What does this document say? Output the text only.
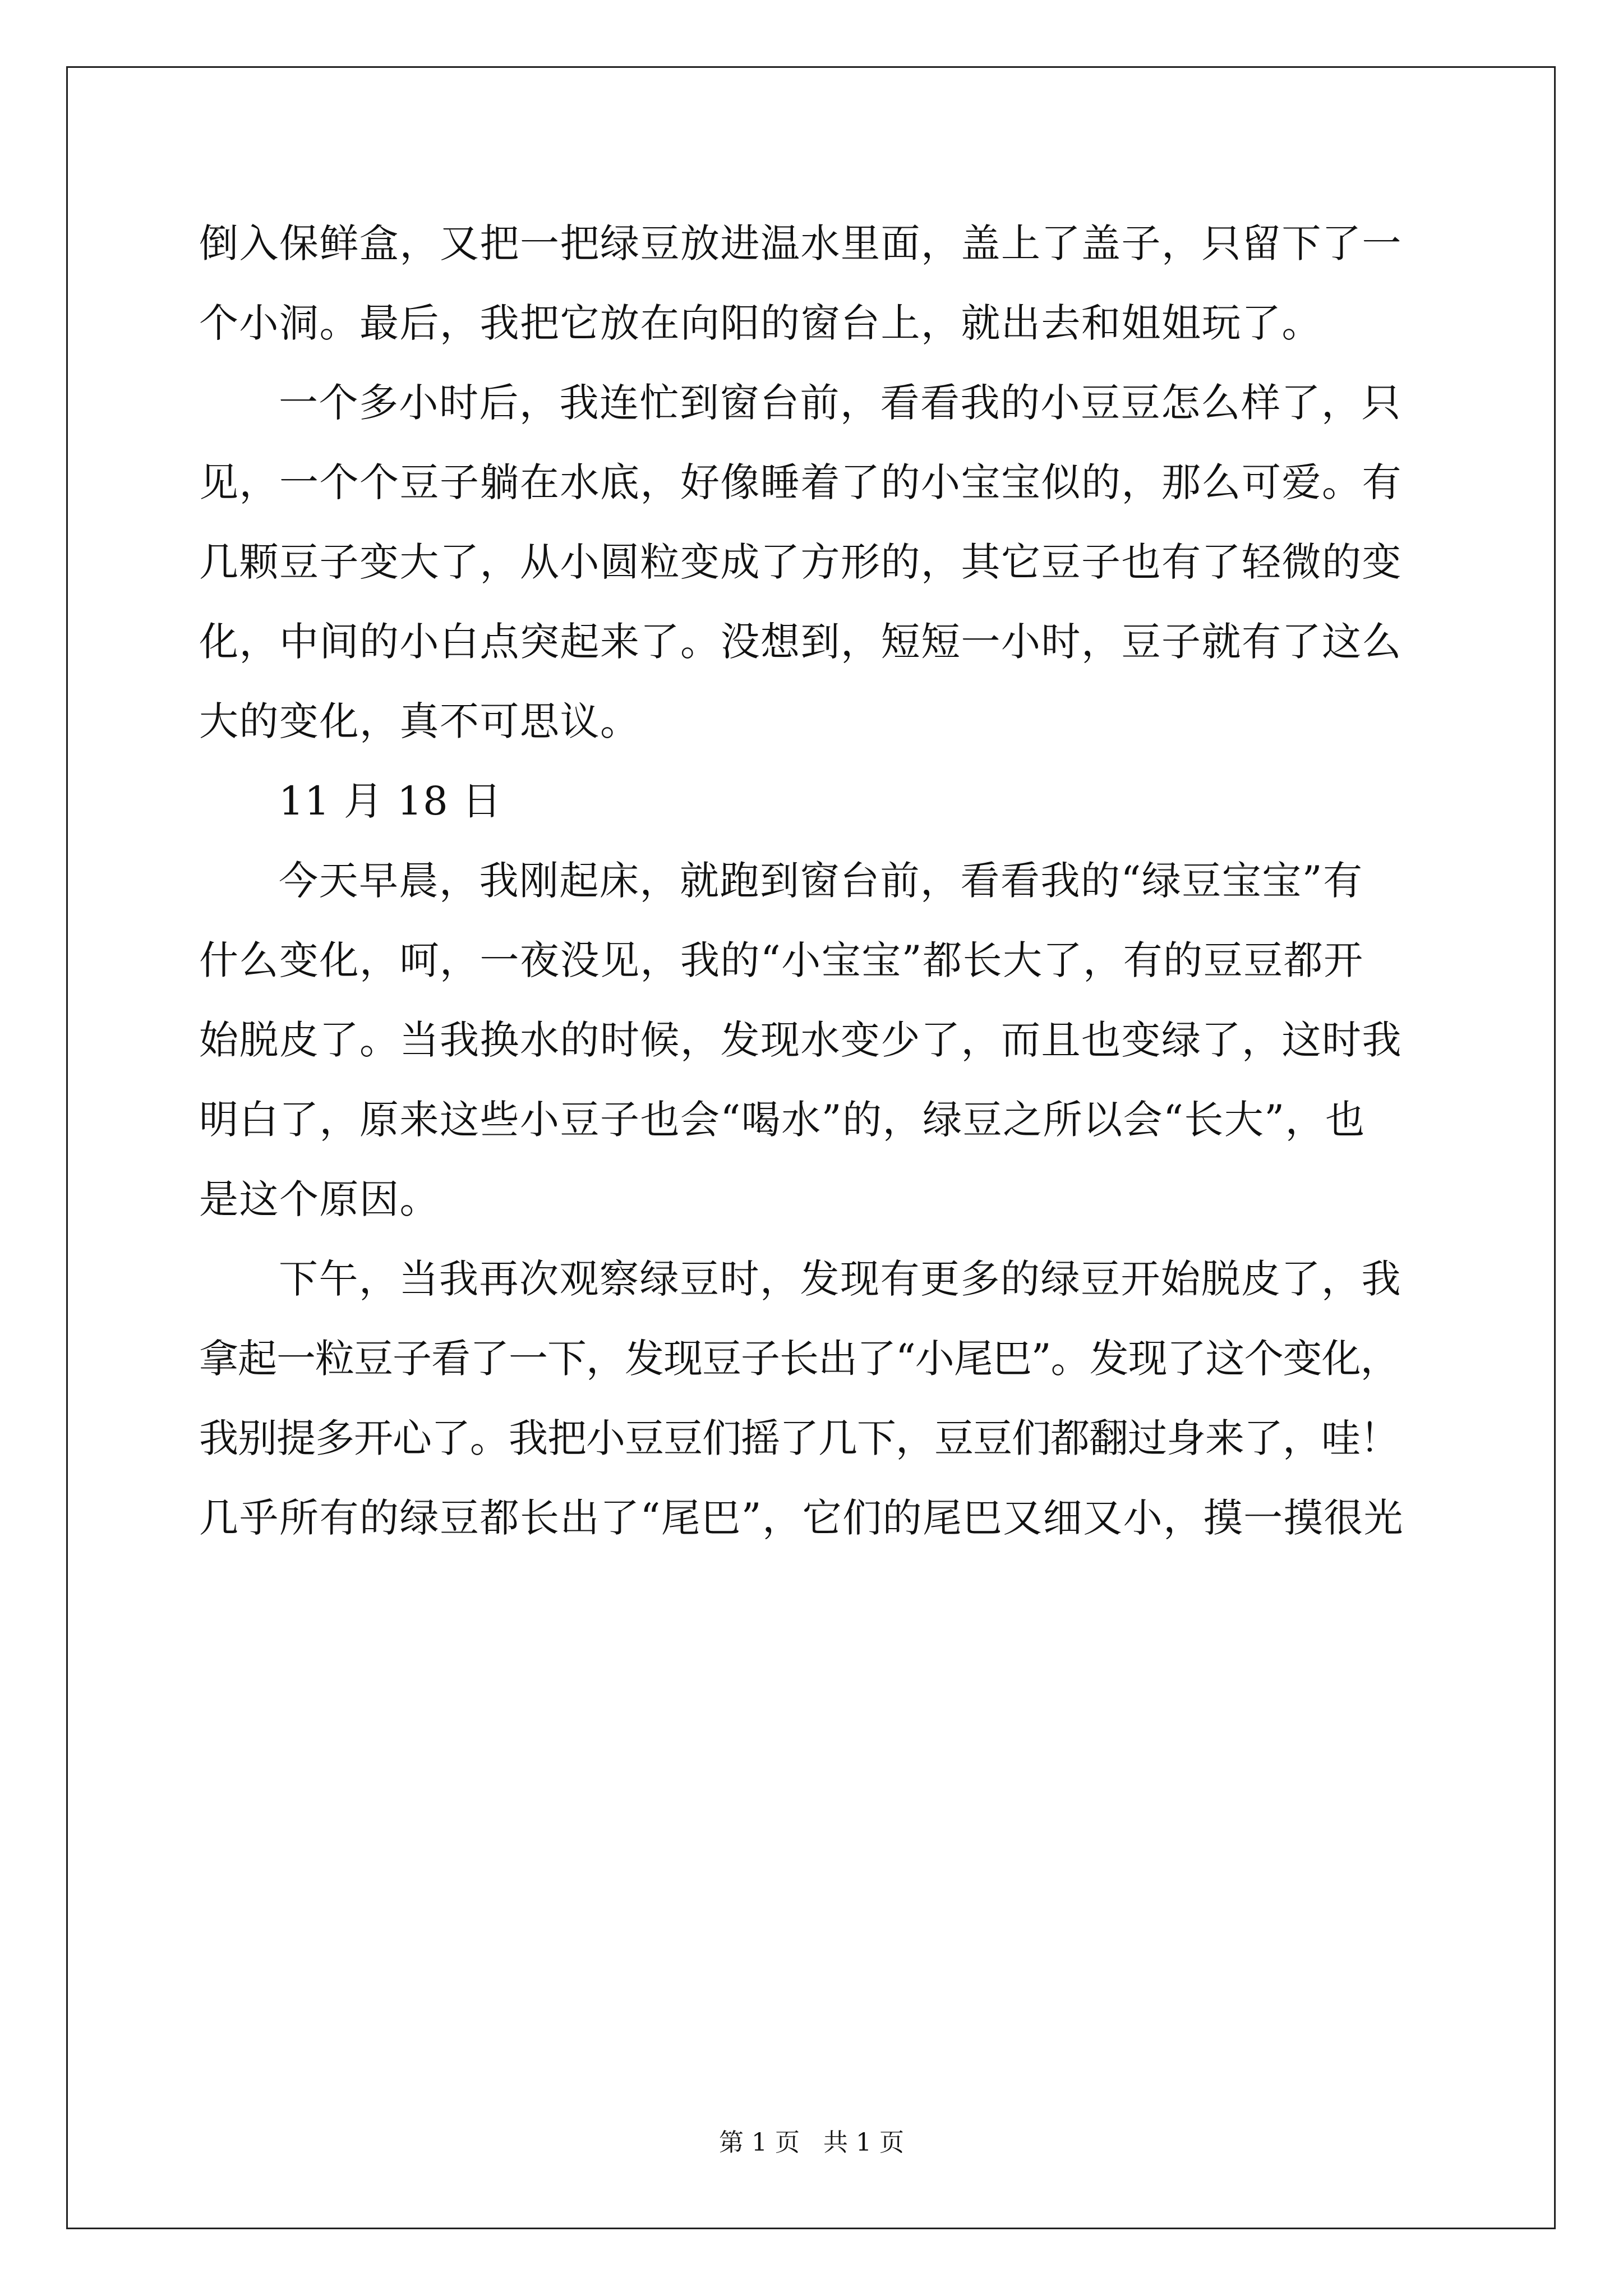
倒入保鲜盒，又把一把绿豆放进温水里面，盖上了盖子，只留下了一
个小洞。最后，我把它放在向阳的窗台上，就出去和姐姐玩了。
一个多小时后，我连忙到窗台前，看看我的小豆豆怎么样了，只
见，一个个豆子躺在水底，好像睡着了的小宝宝似的，那么可爱。有
几颗豆子变大了，从小圆粒变成了方形的，其它豆子也有了轻微的变
化，中间的小白点突起来了。没想到，短短一小时，豆子就有了这么
大的变化，真不可思议。
11 月 18 日
今天早晨，我刚起床，就跑到窗台前，看看我的“绿豆宝宝”有
什么变化，呵，一夜没见，我的“小宝宝”都长大了，有的豆豆都开
始脱皮了。当我换水的时候，发现水变少了，而且也变绿了，这时我
明白了，原来这些小豆子也会“喝水”的，绿豆之所以会“长大”，也
是这个原因。
下午，当我再次观察绿豆时，发现有更多的绿豆开始脱皮了，我
拿起一粒豆子看了一下，发现豆子长出了“小尾巴”。发现了这个变化，
我别提多开心了。我把小豆豆们摇了几下，豆豆们都翻过身来了，哇！
几乎所有的绿豆都长出了“尾巴”，它们的尾巴又细又小，摸一摸很光
第 1 页   共 1 页
